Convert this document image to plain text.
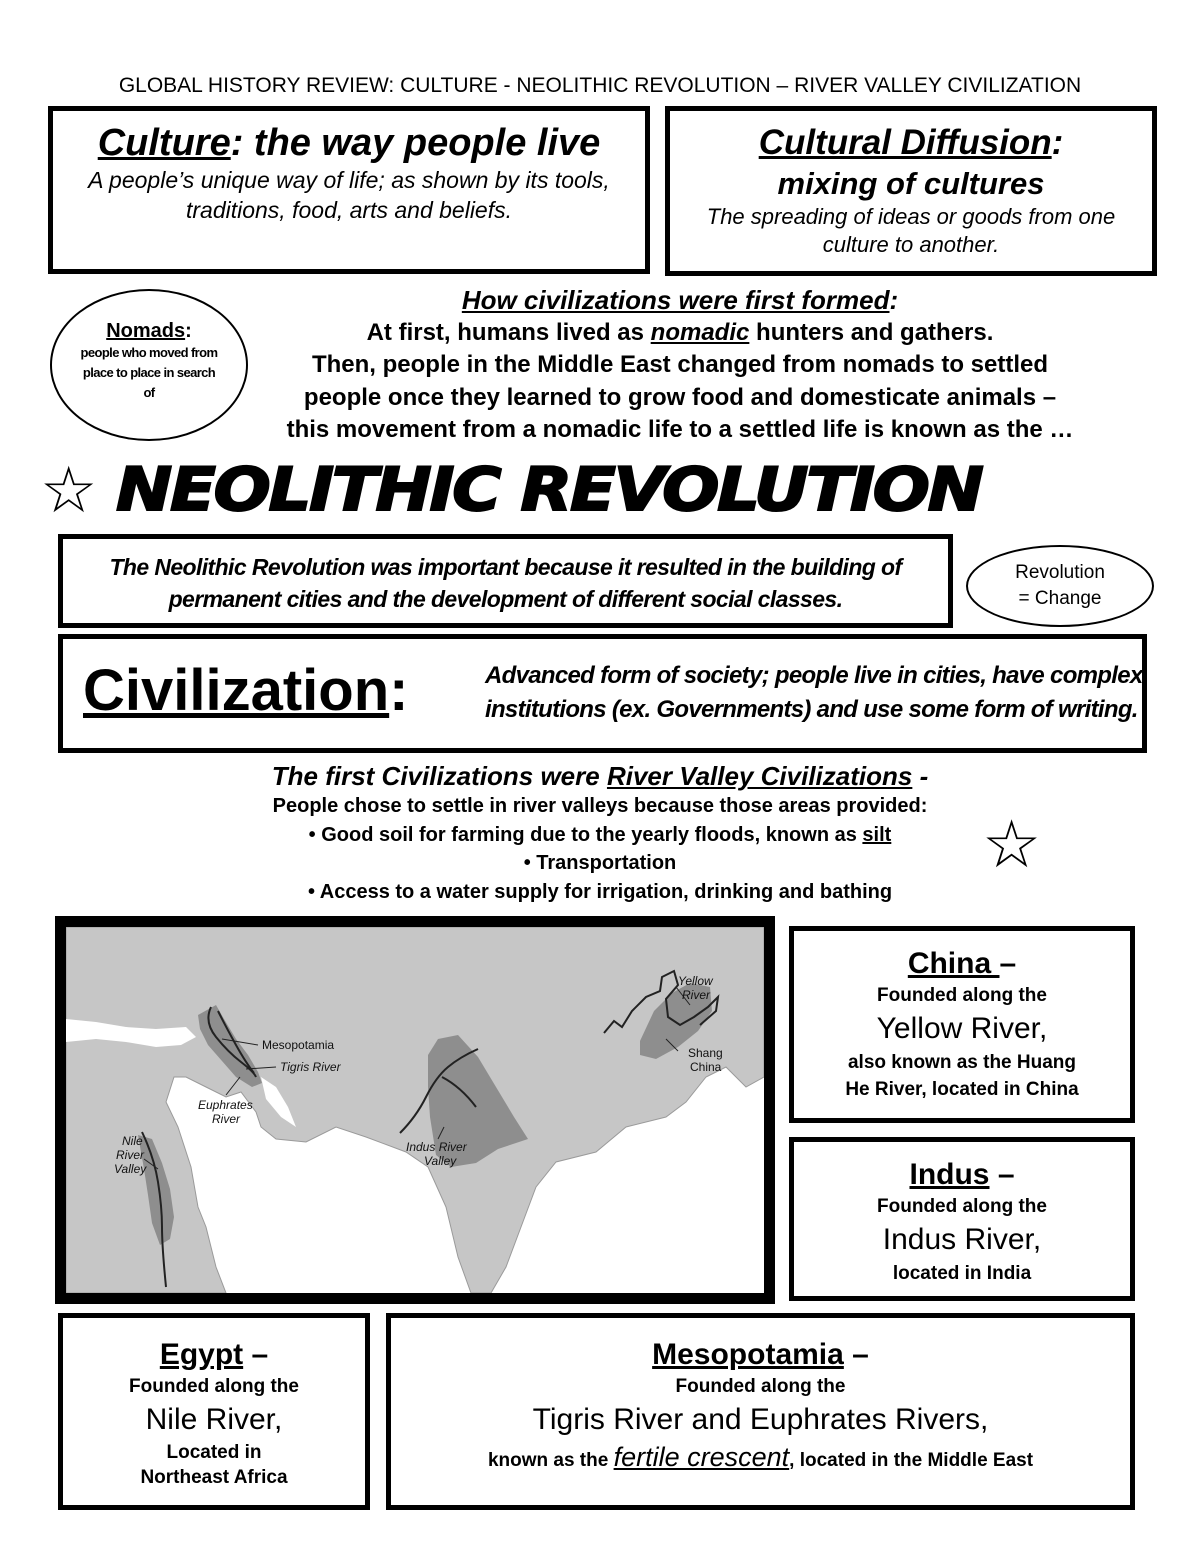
GLOBAL HISTORY REVIEW: CULTURE - NEOLITHIC REVOLUTION – RIVER VALLEY CIVILIZATION
Culture: the way people live
A people’s unique way of life; as shown by its tools, traditions, food, arts and beliefs.
Cultural Diffusion:
mixing of cultures
The spreading of ideas or goods from one culture to another.
Nomads:
people who moved from place to place in search of
How civilizations were first formed:
At first, humans lived as nomadic hunters and gathers.
Then, people in the Middle East changed from nomads to settled
people once they learned to grow food and domesticate animals –
this movement from a nomadic life to a settled life is known as the …
☆ NEOLITHIC REVOLUTION
The Neolithic Revolution was important because it resulted in the building of permanent cities and the development of different social classes.
Revolution
= Change
Civilization:	Advanced form of society; people live in cities, have complex
institutions (ex. Governments) and use some form of writing.
The first Civilizations were River Valley Civilizations -
People chose to settle in river valleys because those areas provided:
• Good soil for farming due to the yearly floods, known as silt
• Transportation
• Access to a water supply for irrigation, drinking and bathing
☆
Mesopotamia
Tigris River
Euphrates
River
Nile
River
Valley
Indus River
Valley
Yellow
River
Shang
China
China –
Founded along the
Yellow River,
also known as the Huang
He River, located in China
Indus –
Founded along the
Indus River,
located in India
Egypt –
Founded along the
Nile River,
Located in
Northeast Africa
Mesopotamia –
Founded along the
Tigris River and Euphrates Rivers,
known as the fertile crescent, located in the Middle East
